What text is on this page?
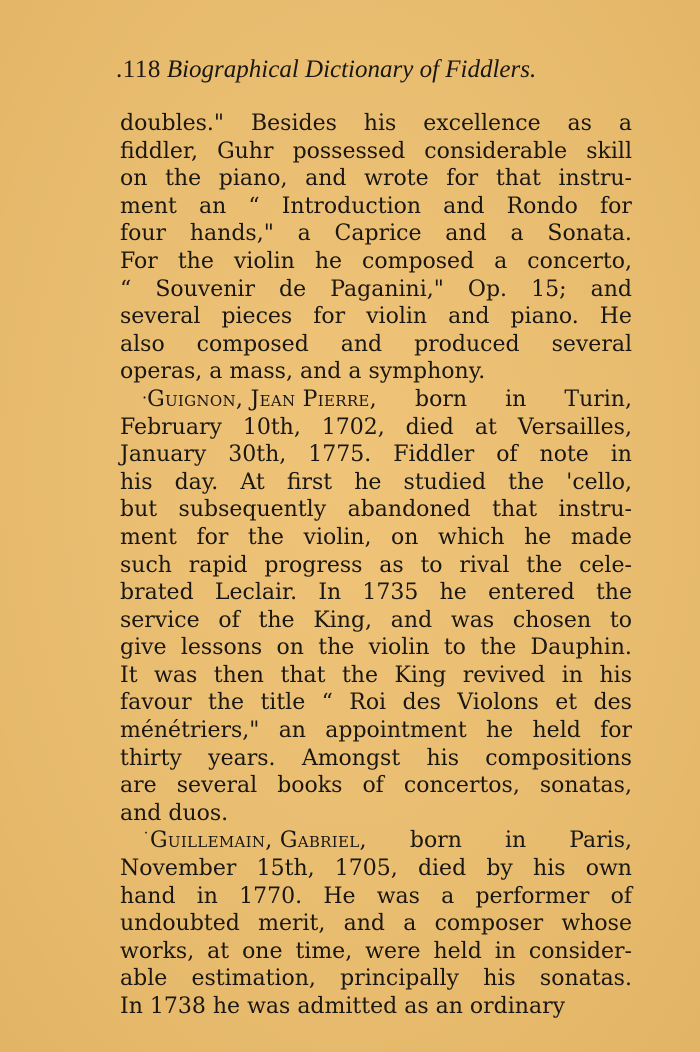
.118 Biographical Dictionary of Fiddlers.
doubles." Besides his excellence as a
fiddler, Guhr possessed considerable skill
on the piano, and wrote for that instru-
ment an “ Introduction and Rondo for
four hands," a Caprice and a Sonata.
For the violin he composed a concerto,
“ Souvenir de Paganini," Op. 15; and
several pieces for violin and piano. He
also composed and produced several
operas, a mass, and a symphony.
·Guignon, Jean Pierre, born in Turin,
February 10th, 1702, died at Versailles,
January 30th, 1775. Fiddler of note in
his day. At first he studied the 'cello,
but subsequently abandoned that instru-
ment for the violin, on which he made
such rapid progress as to rival the cele-
brated Leclair. In 1735 he entered the
service of the King, and was chosen to
give lessons on the violin to the Dauphin.
It was then that the King revived in his
favour the title “ Roi des Violons et des
ménétriers," an appointment he held for
thirty years. Amongst his compositions
are several books of concertos, sonatas,
and duos.
˙Guillemain, Gabriel, born in Paris,
November 15th, 1705, died by his own
hand in 1770. He was a performer of
undoubted merit, and a composer whose
works, at one time, were held in consider-
able estimation, principally his sonatas.
In 1738 he was admitted as an ordinary
